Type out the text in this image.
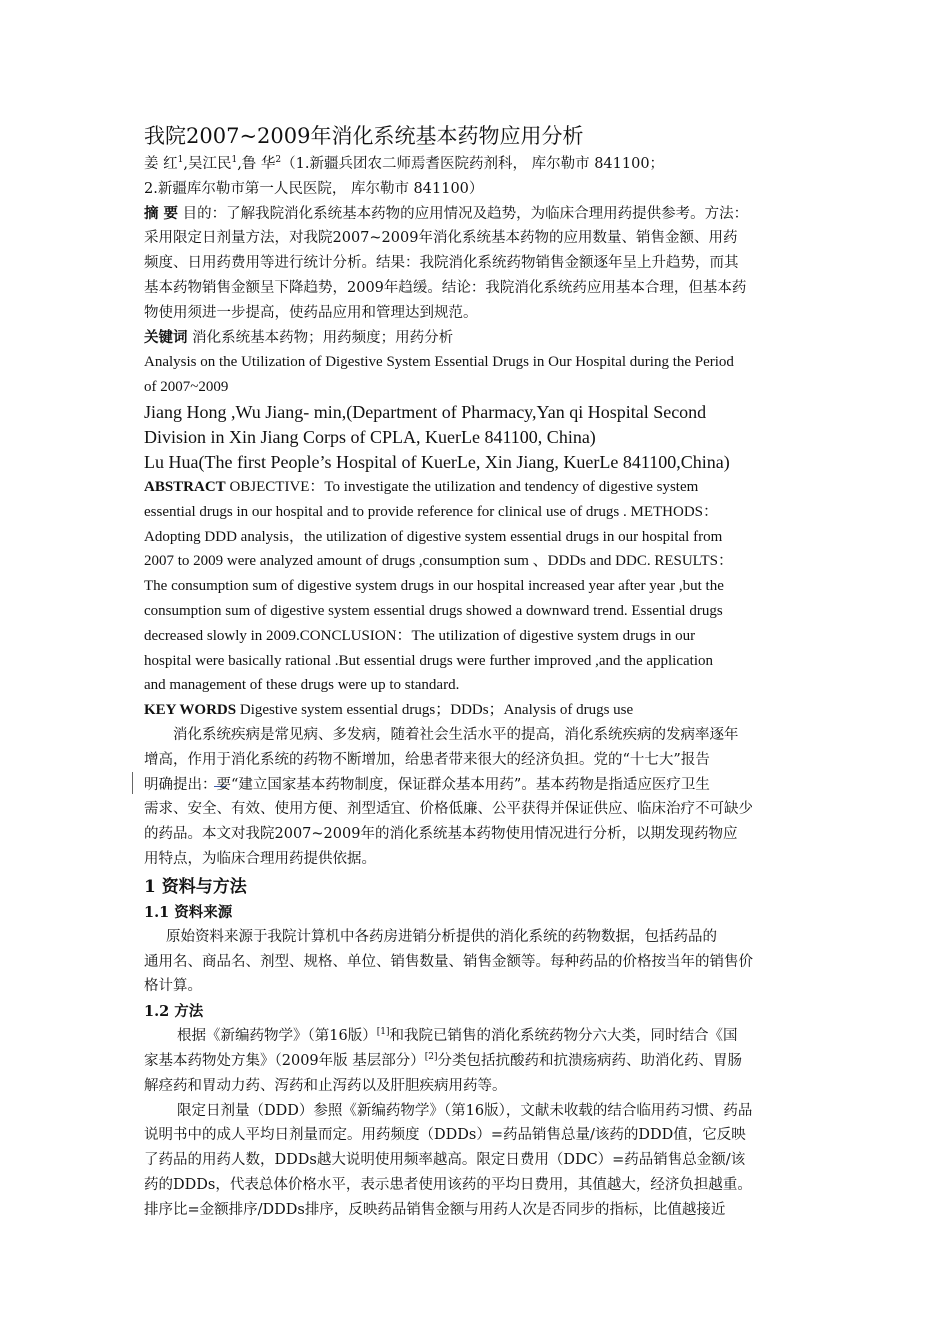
我院2007~2009年消化系统基本药物应用分析

姜 红$^1$,吴江民$^1$,鲁 华$^2$（1.新疆兵团农二师焉耆医院药剂科， 库尔勒市 841100；

2.新疆库尔勒市第一人民医院， 库尔勒市 841100）

摘 要 目的：了解我院消化系统基本药物的应用情况及趋势，为临床合理用药提供参考。方法：

采用限定日剂量方法，对我院2007~2009年消化系统基本药物的应用数量、销售金额、用药

频度、日用药费用等进行统计分析。结果：我院消化系统药物销售金额逐年呈上升趋势，而其

基本药物销售金额呈下降趋势，2009年趋缓。结论：我院消化系统药应用基本合理，但基本药

物使用须进一步提高，使药品应用和管理达到规范。

关键词 消化系统基本药物；用药频度；用药分析

Analysis on the Utilization of Digestive System Essential Drugs in Our Hospital during the Period

of 2007~2009

Jiang Hong ,Wu Jiang- min,(Department of Pharmacy,Yan qi Hospital Second

Division in Xin Jiang Corps of CPLA, KuerLe 841100, China)

Lu Hua(The first People’s Hospital of KuerLe, Xin Jiang, KuerLe 841100,China)

ABSTRACT OBJECTIVE：To investigate the utilization and tendency of digestive system

essential drugs in our hospital and to provide reference for clinical use of drugs . METHODS：

Adopting DDD analysis，the utilization of digestive system essential drugs in our hospital from

2007 to 2009 were analyzed amount of drugs ,consumption sum 、DDDs and DDC. RESULTS：

The consumption sum of digestive system drugs in our hospital increased year after year ,but the

consumption sum of digestive system essential drugs showed a downward trend. Essential drugs

decreased slowly in 2009.CONCLUSION：The utilization of digestive system drugs in our

hospital were basically rational .But essential drugs were further improved ,and the application

and management of these drugs were up to standard.

KEY WORDS Digestive system essential drugs；DDDs；Analysis of drugs use

消化系统疾病是常见病、多发病，随着社会生活水平的提高，消化系统疾病的发病率逐年

增高，作用于消化系统的药物不断增加，给患者带来很大的经济负担。党的“十七大”报告

明确提出：要“建立国家基本药物制度，保证群众基本用药”。基本药物是指适应医疗卫生

需求、安全、有效、使用方便、剂型适宜、价格低廉、公平获得并保证供应、临床治疗不可缺少

的药品。本文对我院2007~2009年的消化系统基本药物使用情况进行分析，以期发现药物应

用特点，为临床合理用药提供依据。

1 资料与方法
1.1 资料来源

原始资料来源于我院计算机中各药房进销分析提供的消化系统的药物数据，包括药品的

通用名、商品名、剂型、规格、单位、销售数量、销售金额等。每种药品的价格按当年的销售价

格计算。

1.2 方法

根据《新编药物学》（第16版）[1]和我院已销售的消化系统药物分六大类，同时结合《国

家基本药物处方集》（2009年版 基层部分）[2]分类包括抗酸药和抗溃疡病药、助消化药、胃肠

解痉药和胃动力药、泻药和止泻药以及肝胆疾病用药等。

限定日剂量（DDD）参照《新编药物学》（第16版），文献未收载的结合临用药习惯、药品

说明书中的成人平均日剂量而定。用药频度（DDDs）=药品销售总量/该药的DDD值，它反映

了药品的用药人数，DDDs越大说明使用频率越高。限定日费用（DDC）=药品销售总金额/该

药的DDDs，代表总体价格水平，表示患者使用该药的平均日费用，其值越大，经济负担越重。

排序比=金额排序/DDDs排序，反映药品销售金额与用药人次是否同步的指标，比值越接近
